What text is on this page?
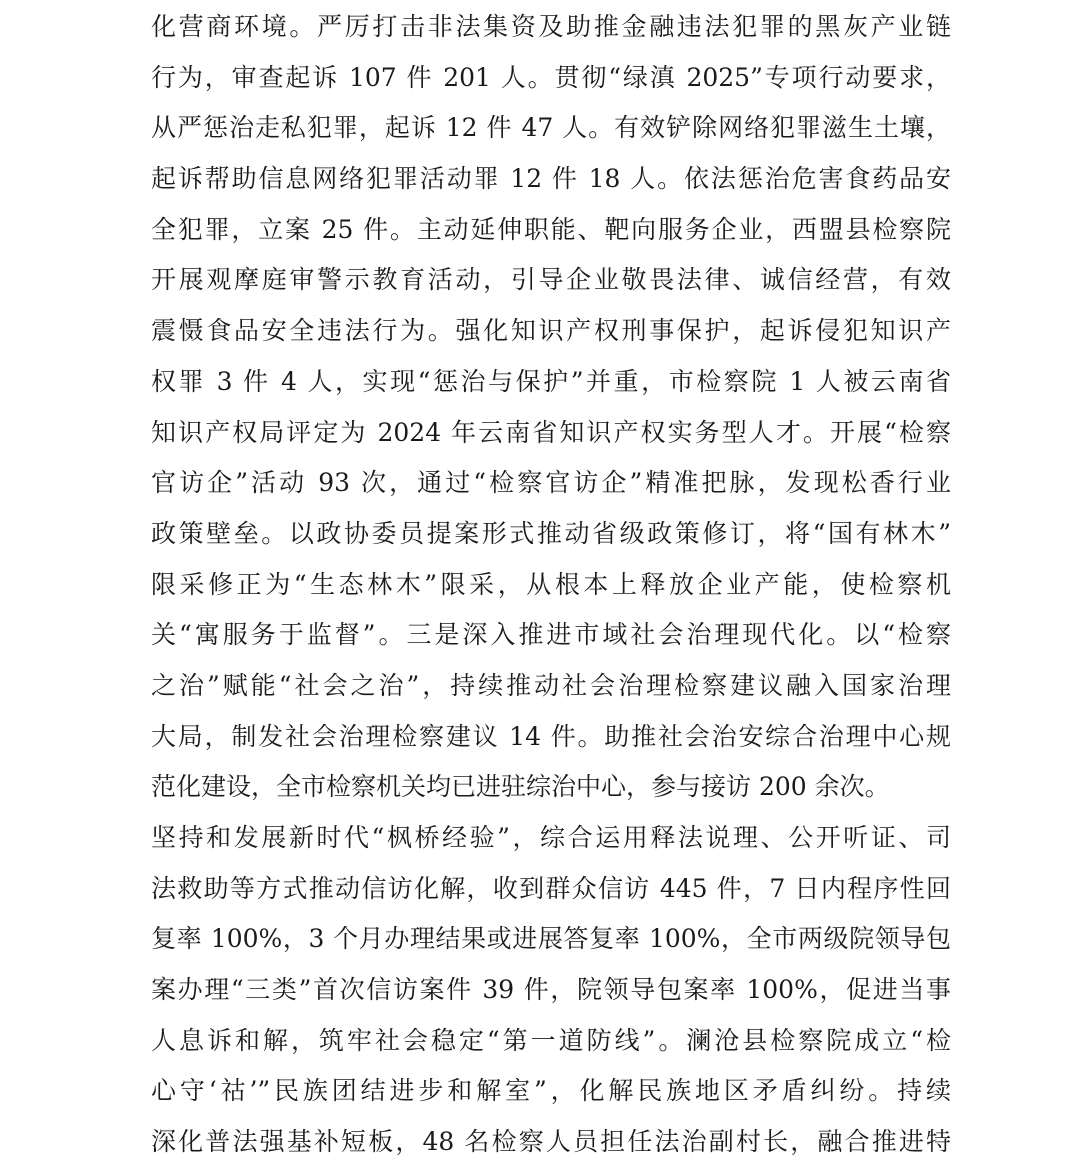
化营商环境。严厉打击非法集资及助推金融违法犯罪的黑灰产业链
行为，审查起诉 107 件 201 人。贯彻“绿滇 2025”专项行动要求，
从严惩治走私犯罪，起诉 12 件 47 人。有效铲除网络犯罪滋生土壤，
起诉帮助信息网络犯罪活动罪 12 件 18 人。依法惩治危害食药品安
全犯罪，立案 25 件。主动延伸职能、靶向服务企业，西盟县检察院
开展观摩庭审警示教育活动，引导企业敬畏法律、诚信经营，有效
震慑食品安全违法行为。强化知识产权刑事保护，起诉侵犯知识产
权罪 3 件 4 人，实现“惩治与保护”并重，市检察院 1 人被云南省
知识产权局评定为 2024 年云南省知识产权实务型人才。开展“检察
官访企”活动 93 次，通过“检察官访企”精准把脉，发现松香行业
政策壁垒。以政协委员提案形式推动省级政策修订，将“国有林木”
限采修正为“生态林木”限采，从根本上释放企业产能，使检察机
关“寓服务于监督”。三是深入推进市域社会治理现代化。以“检察
之治”赋能“社会之治”，持续推动社会治理检察建议融入国家治理
大局，制发社会治理检察建议 14 件。助推社会治安综合治理中心规
范化建设，全市检察机关均已进驻综治中心，参与接访 200 余次。
坚持和发展新时代“枫桥经验”，综合运用释法说理、公开听证、司
法救助等方式推动信访化解，收到群众信访 445 件，7 日内程序性回
复率 100%，3 个月办理结果或进展答复率 100%，全市两级院领导包
案办理“三类”首次信访案件 39 件，院领导包案率 100%，促进当事
人息诉和解，筑牢社会稳定“第一道防线”。澜沧县检察院成立“检
心守‘祜’”民族团结进步和解室”，化解民族地区矛盾纠纷。持续
深化普法强基补短板，48 名检察人员担任法治副村长，融合推进特
